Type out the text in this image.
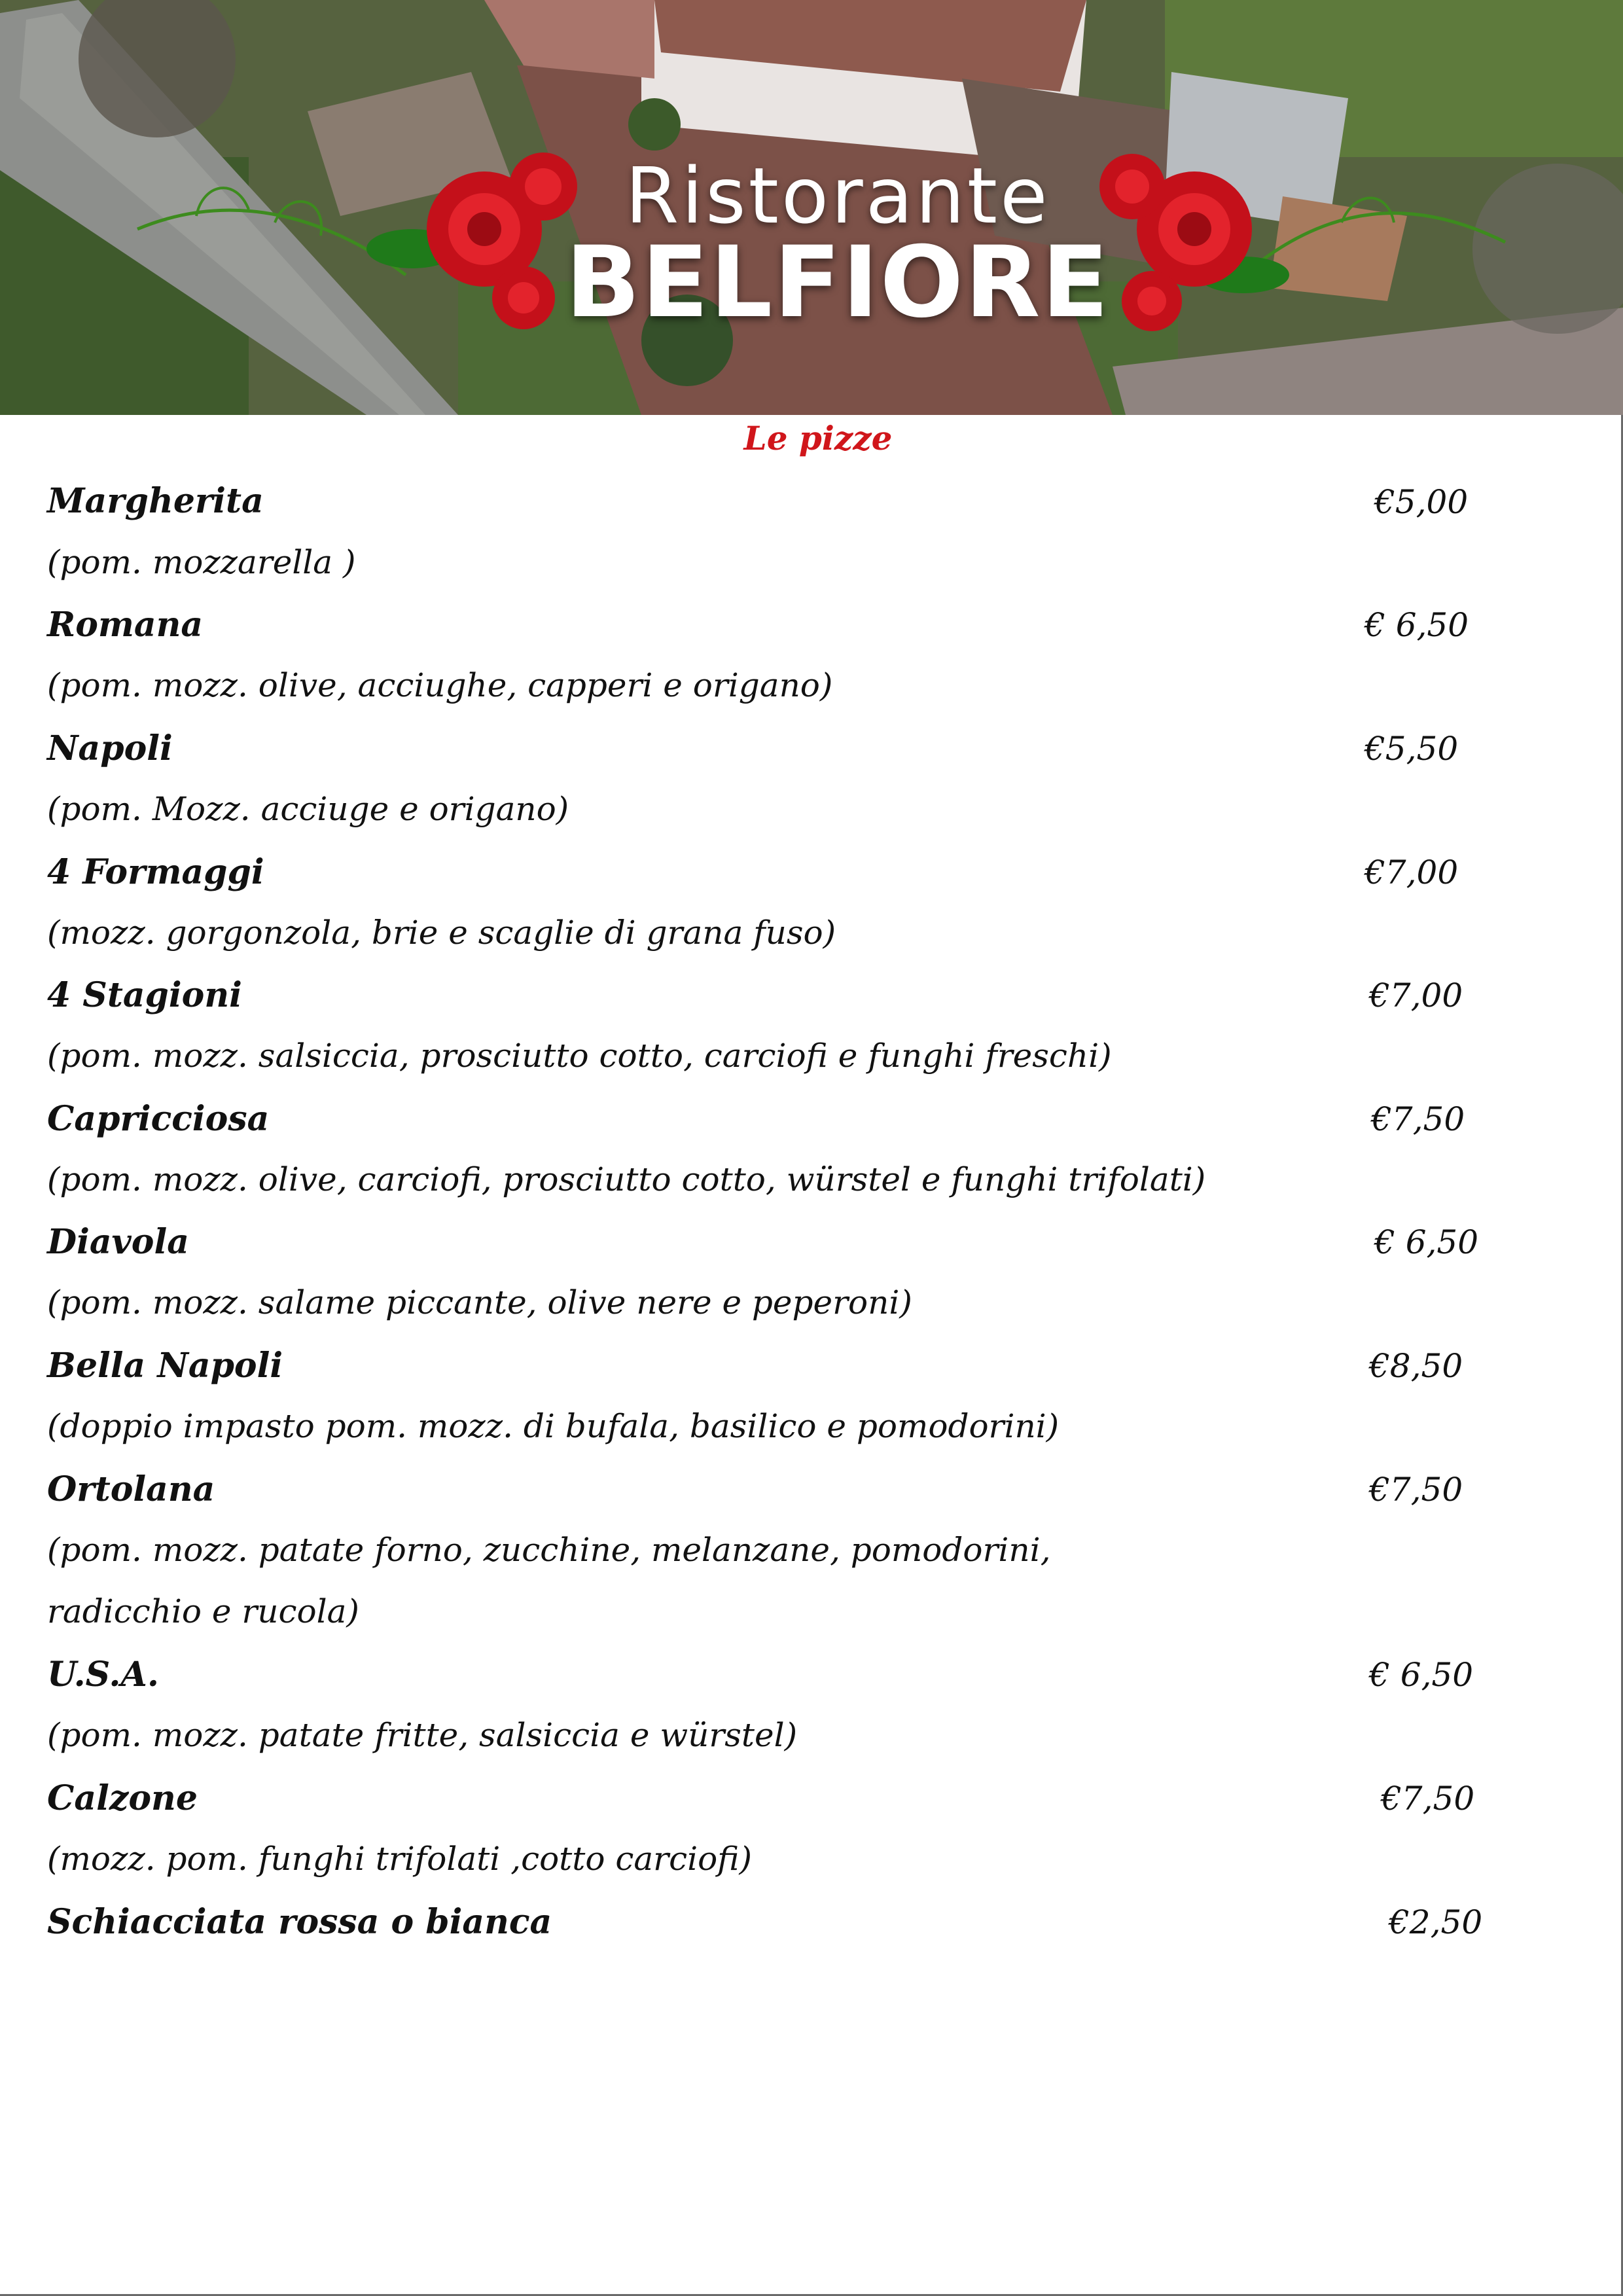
Ristorante
BELFIORE
Le pizze
Margherita	€5,00
(pom. mozzarella )
Romana	€ 6,50
(pom. mozz. olive, acciughe, capperi e origano)
Napoli	€5,50
(pom. Mozz. acciuge e origano)
4 Formaggi	€7,00
(mozz. gorgonzola, brie e scaglie di grana fuso)
4 Stagioni	€7,00
(pom. mozz. salsiccia, prosciutto cotto, carciofi e funghi freschi)
Capricciosa	€7,50
(pom. mozz. olive, carciofi, prosciutto cotto, würstel e funghi trifolati)
Diavola	€ 6,50
(pom. mozz. salame piccante, olive nere e peperoni)
Bella Napoli	€8,50
(doppio impasto pom. mozz. di bufala, basilico e pomodorini)
Ortolana	€7,50
(pom. mozz. patate forno, zucchine, melanzane, pomodorini,
radicchio e rucola)
U.S.A.	€ 6,50
(pom. mozz. patate fritte, salsiccia e würstel)
Calzone	€7,50
(mozz. pom. funghi trifolati ,cotto carciofi)
Schiacciata rossa o bianca	€2,50
